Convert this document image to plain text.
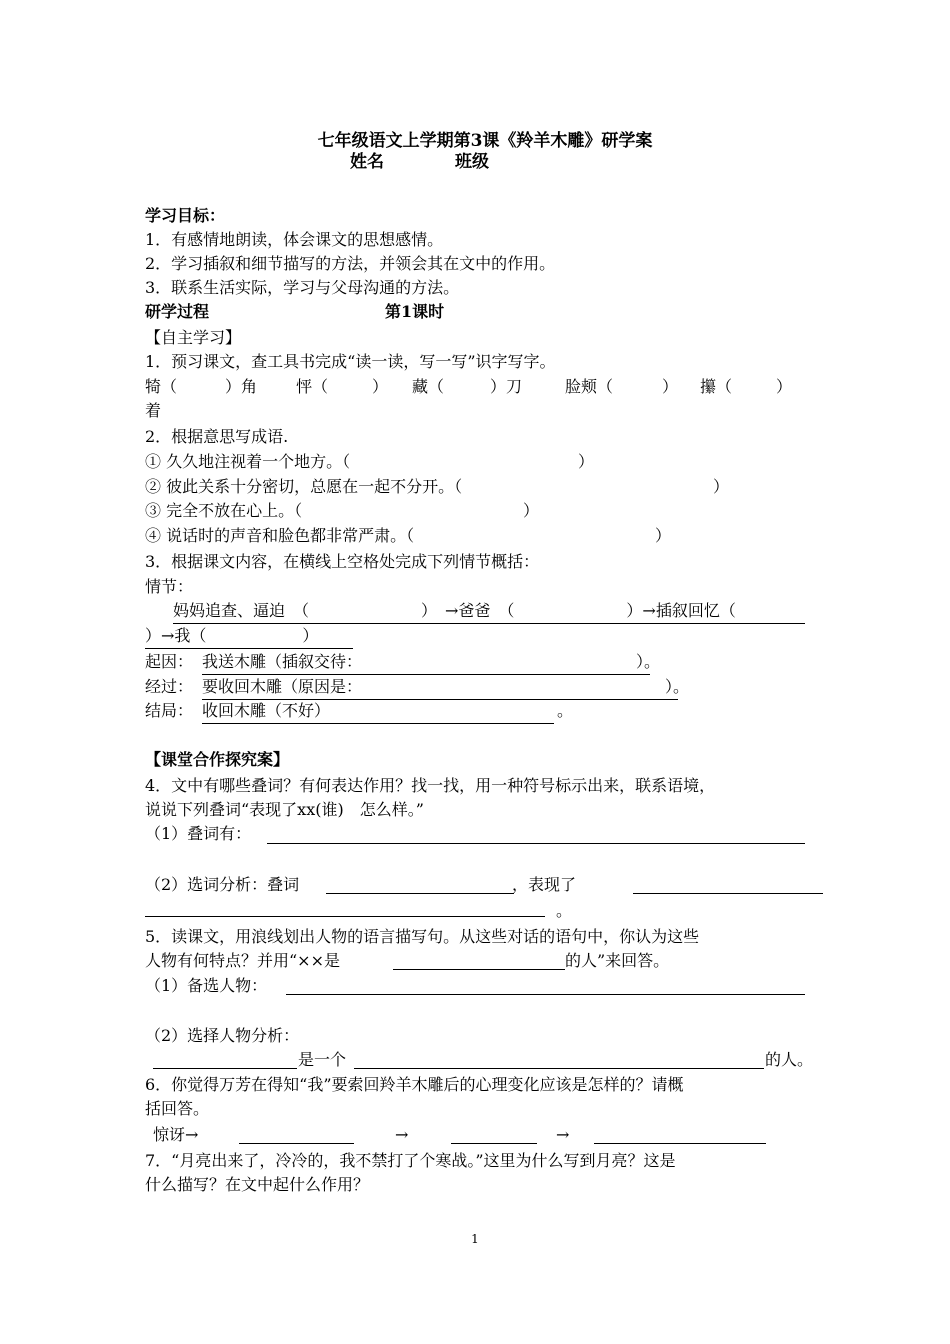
七年级语文上学期第3课《羚羊木雕》研学案
姓名	班级
学习目标：
1．有感情地朗读，体会课文的思想感情。
2．学习插叙和细节描写的方法，并领会其在文中的作用。
3．联系生活实际，学习与父母沟通的方法。
研学过程	第1课时
【自主学习】
1．预习课文，查工具书完成“读一读，写一写”识字写字。
犄（	）角 怦（	） 藏（	）刀	脸颊（	） 攥（	）
着
2．根据意思写成语.
① 久久地注视着一个地方。（	）
② 彼此关系十分密切，总愿在一起不分开。（	）
③ 完全不放在心上。（	）
④ 说话时的声音和脸色都非常严肃。（	）
3．根据课文内容，在横线上空格处完成下列情节概括：
情节：
妈妈追查、逼迫　（　　　　　　　）　→爸爸　（　　　　　　　）→插叙回忆（
）→我（　　　　　　）
起因： 我送木雕（插叙交待：	）。
经过： 要收回木雕（原因是：	）。
结局： 收回木雕（不好）	。
【课堂合作探究案】
4．文中有哪些叠词？有何表达作用？找一找，用一种符号标示出来，联系语境，
说说下列叠词“表现了xx(谁)　怎么样。”
（1）叠词有：
（2）选词分析：叠词	，表现了
。
5．读课文，用浪线划出人物的语言描写句。从这些对话的语句中，你认为这些
人物有何特点？并用“××是	的人”来回答。
（1）备选人物：
（2）选择人物分析：
是一个	的人。
6．你觉得万芳在得知“我”要索回羚羊木雕后的心理变化应该是怎样的？请概
括回答。
惊讶→	→	→
7．“月亮出来了，冷冷的，我不禁打了个寒战。”这里为什么写到月亮？这是
什么描写？在文中起什么作用？
1
